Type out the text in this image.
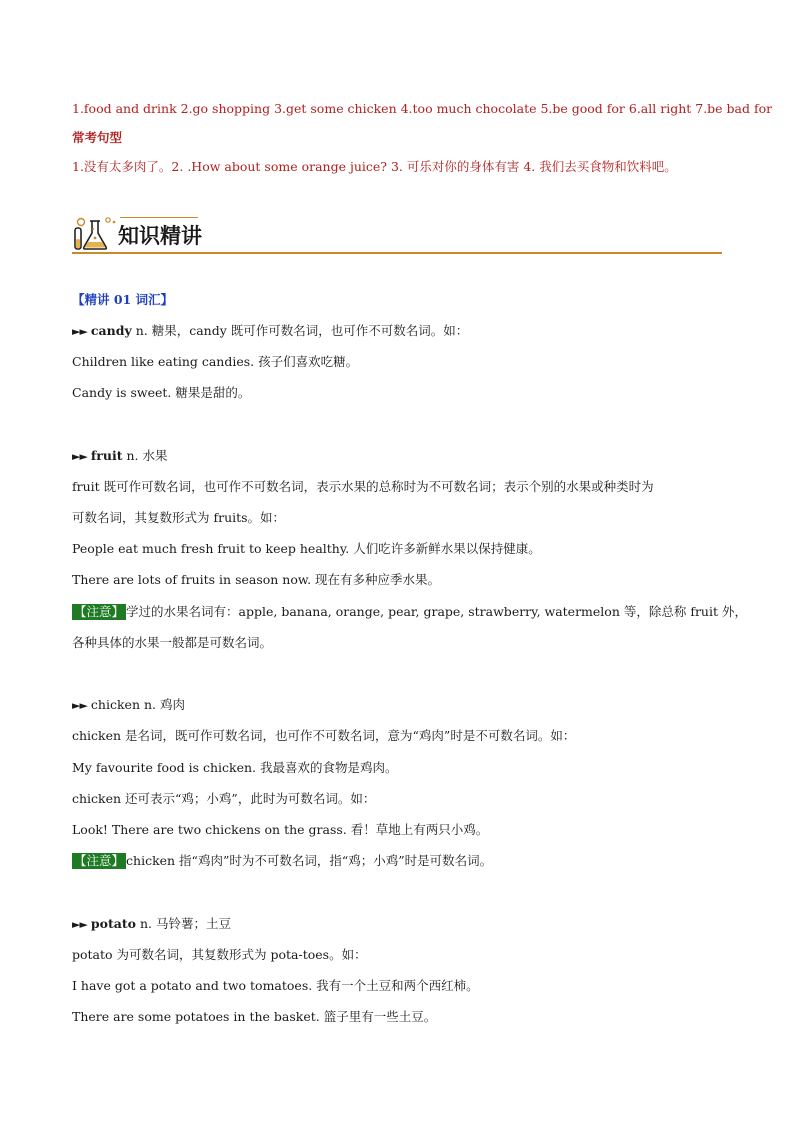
1.food and drink 2.go shopping 3.get some chicken 4.too much chocolate 5.be good for 6.all right 7.be bad for
常考句型
1.没有太多肉了。2. .How about some orange juice? 3. 可乐对你的身体有害 4. 我们去买食物和饮料吧。
知识精讲
【精讲 01 词汇】
►► candy n. 糖果，candy 既可作可数名词，也可作不可数名词。如：
Children like eating candies. 孩子们喜欢吃糖。
Candy is sweet. 糖果是甜的。
►► fruit n. 水果
fruit 既可作可数名词，也可作不可数名词，表示水果的总称时为不可数名词；表示个别的水果或种类时为
可数名词，其复数形式为 fruits。如：
People eat much fresh fruit to keep healthy. 人们吃许多新鲜水果以保持健康。
There are lots of fruits in season now. 现在有多种应季水果。
【注意】 学过的水果名词有：apple, banana, orange, pear, grape, strawberry, watermelon 等，除总称 fruit 外，
各种具体的水果一般都是可数名词。
►► chicken n. 鸡肉
chicken 是名词，既可作可数名词，也可作不可数名词，意为“鸡肉”时是不可数名词。如：
My favourite food is chicken. 我最喜欢的食物是鸡肉。
chicken 还可表示“鸡；小鸡”，此时为可数名词。如：
Look! There are two chickens on the grass. 看！草地上有两只小鸡。
【注意】 chicken 指“鸡肉”时为不可数名词，指“鸡；小鸡”时是可数名词。
►► potato n. 马铃薯；土豆
potato 为可数名词，其复数形式为 pota-toes。如：
I have got a potato and two tomatoes. 我有一个土豆和两个西红柿。
There are some potatoes in the basket. 篮子里有一些土豆。
